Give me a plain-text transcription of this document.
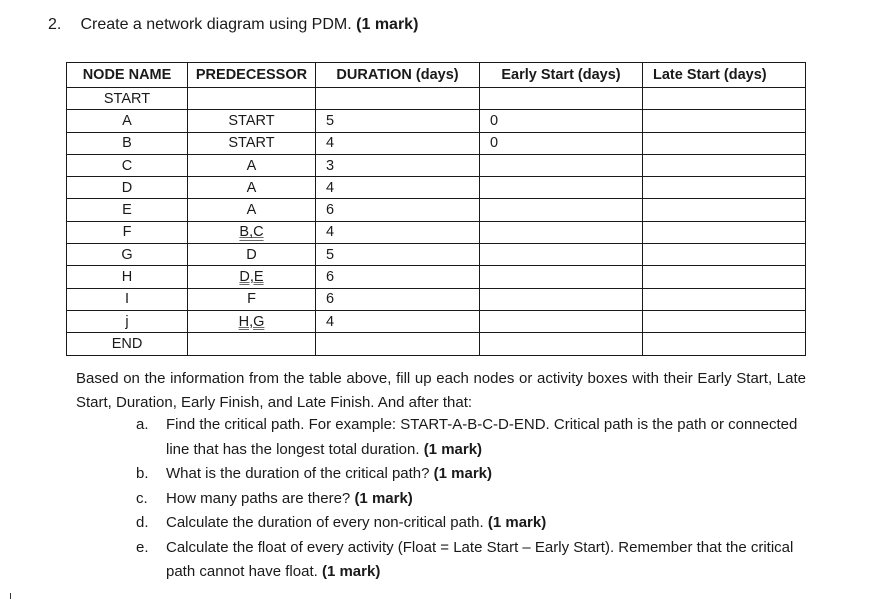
2. Create a network diagram using PDM. (1 mark)
NODE NAME	PREDECESSOR	DURATION (days)	Early Start (days)	Late Start (days)
START				
A	START	5	0	
B	START	4	0	
C	A	3		
D	A	4		
E	A	6		
F	B,C	4		
G	D	5		
H	D,E	6		
I	F	6		
j	H,G	4		
END				
Based on the information from the table above, fill up each nodes or activity boxes with their Early Start, Late Start, Duration, Early Finish, and Late Finish. And after that:
a. Find the critical path. For example: START-A-B-C-D-END. Critical path is the path or connected line that has the longest total duration. (1 mark)
b. What is the duration of the critical path? (1 mark)
c. How many paths are there? (1 mark)
d. Calculate the duration of every non-critical path. (1 mark)
e. Calculate the float of every activity (Float = Late Start – Early Start). Remember that the critical path cannot have float. (1 mark)
